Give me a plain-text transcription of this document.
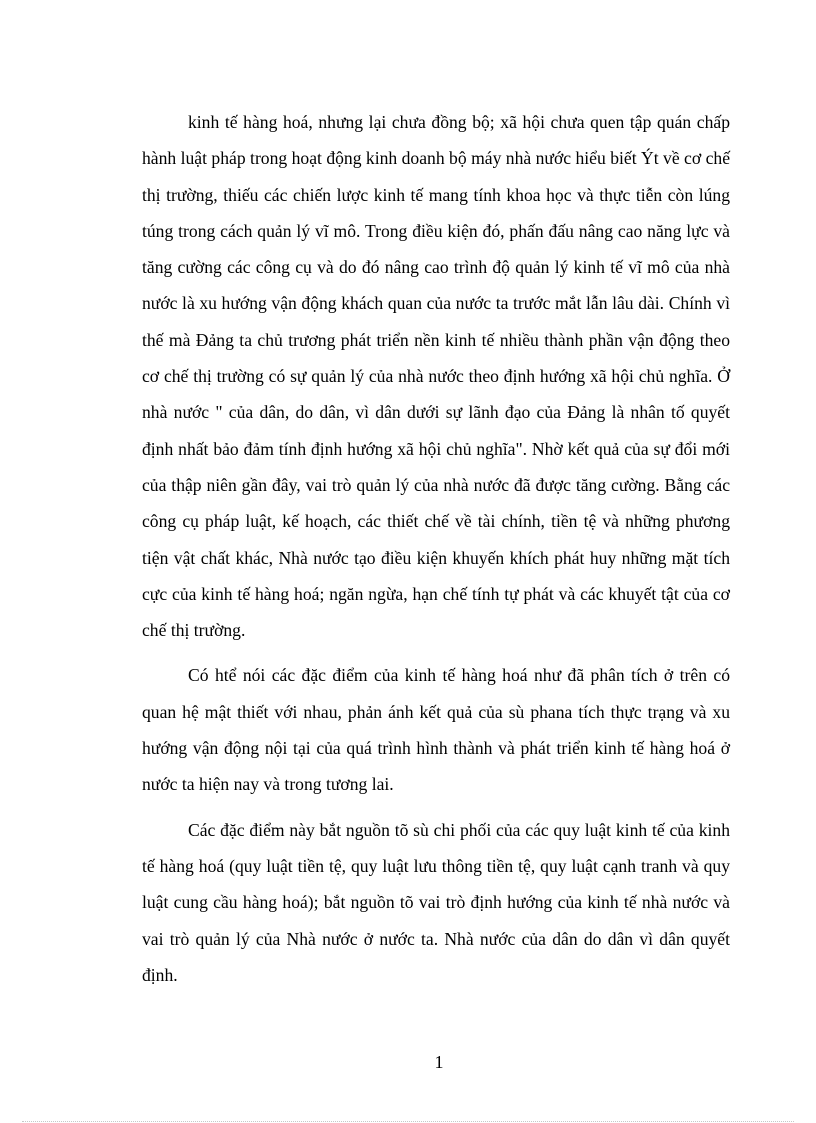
kinh tế hàng hoá, nhưng lại chưa đồng bộ; xã hội chưa quen tập quán chấp hành luật pháp trong hoạt động kinh doanh bộ máy nhà nước hiểu biết Ýt về cơ chế thị trường, thiếu các chiến lược kinh tế mang tính khoa học và thực tiễn còn lúng túng trong cách quản lý vĩ mô. Trong điều kiện đó, phấn đấu nâng cao năng lực và tăng cường các công cụ và do đó nâng cao trình độ quản lý kinh tế vĩ mô của nhà nước là xu hướng vận động khách quan của nước ta trước mắt lẫn lâu dài. Chính vì thế mà Đảng ta chủ trương phát triển nền kinh tế nhiều thành phần vận động theo cơ chế thị trường có sự quản lý của nhà nước theo định hướng xã hội chủ nghĩa. Ở nhà nước " của dân, do dân, vì dân dưới sự lãnh đạo của Đảng là nhân tố quyết định nhất bảo đảm tính định hướng xã hội chủ nghĩa". Nhờ kết quả của sự đổi mới của thập niên gần đây, vai trò quản lý của nhà nước đã được tăng cường. Bằng các công cụ pháp luật, kế hoạch, các thiết chế về tài chính, tiền tệ và những phương tiện vật chất khác, Nhà nước tạo điều kiện khuyến khích phát huy những mặt tích cực của kinh tế hàng hoá; ngăn ngừa, hạn chế tính tự phát và các khuyết tật của cơ chế thị trường.

Có htể nói các đặc điểm của kinh tế hàng hoá như đã phân tích ở trên có quan hệ mật thiết với nhau, phản ánh kết quả của sù phana tích thực trạng và xu hướng vận động nội tại của quá trình hình thành và phát triển kinh tế hàng hoá ở nước ta hiện nay và trong tương lai.

Các đặc điểm này bắt nguồn tõ sù chi phối của các quy luật kinh tế của kinh tế hàng hoá (quy luật tiền tệ, quy luật lưu thông tiền tệ, quy luật cạnh tranh và quy luật cung cầu hàng hoá); bắt nguồn tõ vai trò định hướng của kinh tế nhà nước và vai trò quản lý của Nhà nước ở nước ta. Nhà nước của dân do dân vì dân quyết định.

1
